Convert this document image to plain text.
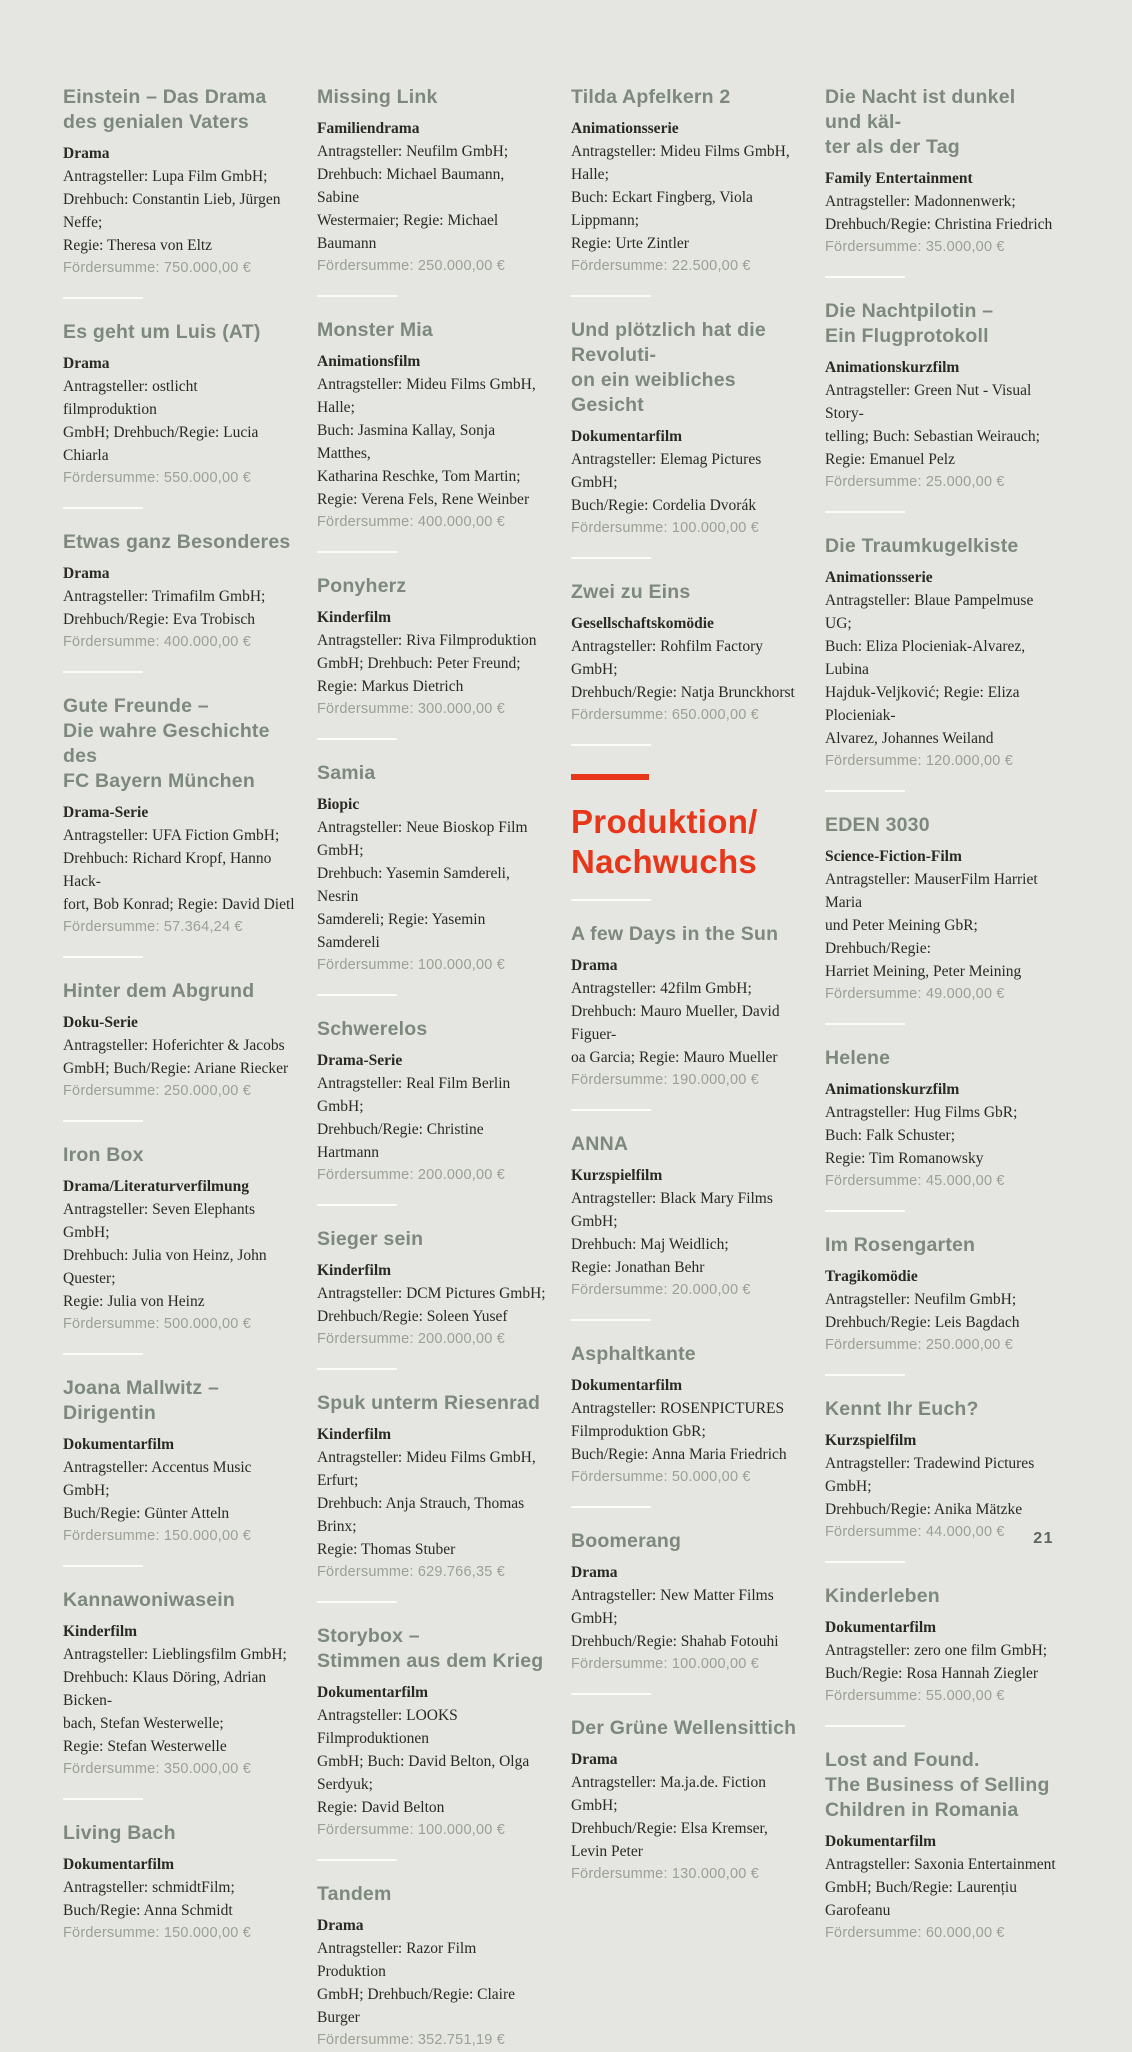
Einstein – Das Drama
des genialen Vaters
Drama
Antragsteller: Lupa Film GmbH;
Drehbuch: Constantin Lieb, Jürgen Neffe;
Regie: Theresa von Eltz
Fördersumme: 750.000,00 €
Es geht um Luis (AT)
Drama
Antragsteller: ostlicht filmproduktion
GmbH; Drehbuch/Regie: Lucia Chiarla
Fördersumme: 550.000,00 €
Etwas ganz Besonderes
Drama
Antragsteller: Trimafilm GmbH;
Drehbuch/Regie: Eva Trobisch
Fördersumme: 400.000,00 €
Gute Freunde –
Die wahre Geschichte des
FC Bayern München
Drama-Serie
Antragsteller: UFA Fiction GmbH;
Drehbuch: Richard Kropf, Hanno Hack-
fort, Bob Konrad; Regie: David Dietl
Fördersumme: 57.364,24 €
Hinter dem Abgrund
Doku-Serie
Antragsteller: Hoferichter & Jacobs
GmbH; Buch/Regie: Ariane Riecker
Fördersumme: 250.000,00 €
Iron Box
Drama/Literaturverfilmung
Antragsteller: Seven Elephants GmbH;
Drehbuch: Julia von Heinz, John Quester;
Regie: Julia von Heinz
Fördersumme: 500.000,00 €
Joana Mallwitz – Dirigentin
Dokumentarfilm
Antragsteller: Accentus Music GmbH;
Buch/Regie: Günter Atteln
Fördersumme: 150.000,00 €
Kannawoniwasein
Kinderfilm
Antragsteller: Lieblingsfilm GmbH;
Drehbuch: Klaus Döring, Adrian Bicken-
bach, Stefan Westerwelle;
Regie: Stefan Westerwelle
Fördersumme: 350.000,00 €
Living Bach
Dokumentarfilm
Antragsteller: schmidtFilm;
Buch/Regie: Anna Schmidt
Fördersumme: 150.000,00 €
Missing Link
Familiendrama
Antragsteller: Neufilm GmbH;
Drehbuch: Michael Baumann, Sabine
Westermaier; Regie: Michael Baumann
Fördersumme: 250.000,00 €
Monster Mia
Animationsfilm
Antragsteller: Mideu Films GmbH, Halle;
Buch: Jasmina Kallay, Sonja Matthes,
Katharina Reschke, Tom Martin;
Regie: Verena Fels, Rene Weinber
Fördersumme: 400.000,00 €
Ponyherz
Kinderfilm
Antragsteller: Riva Filmproduktion
GmbH; Drehbuch: Peter Freund;
Regie: Markus Dietrich
Fördersumme: 300.000,00 €
Samia
Biopic
Antragsteller: Neue Bioskop Film GmbH;
Drehbuch: Yasemin Samdereli, Nesrin
Samdereli; Regie: Yasemin Samdereli
Fördersumme: 100.000,00 €
Schwerelos
Drama-Serie
Antragsteller: Real Film Berlin GmbH;
Drehbuch/Regie: Christine Hartmann
Fördersumme: 200.000,00 €
Sieger sein
Kinderfilm
Antragsteller: DCM Pictures GmbH;
Drehbuch/Regie: Soleen Yusef
Fördersumme: 200.000,00 €
Spuk unterm Riesenrad
Kinderfilm
Antragsteller: Mideu Films GmbH, Erfurt;
Drehbuch: Anja Strauch, Thomas Brinx;
Regie: Thomas Stuber
Fördersumme: 629.766,35 €
Storybox –
Stimmen aus dem Krieg
Dokumentarfilm
Antragsteller: LOOKS Filmproduktionen
GmbH; Buch: David Belton, Olga Serdyuk;
Regie: David Belton
Fördersumme: 100.000,00 €
Tandem
Drama
Antragsteller: Razor Film Produktion
GmbH; Drehbuch/Regie: Claire Burger
Fördersumme: 352.751,19 €
Tilda Apfelkern 2
Animationsserie
Antragsteller: Mideu Films GmbH, Halle;
Buch: Eckart Fingberg, Viola Lippmann;
Regie: Urte Zintler
Fördersumme: 22.500,00 €
Und plötzlich hat die Revoluti-
on ein weibliches Gesicht
Dokumentarfilm
Antragsteller: Elemag Pictures GmbH;
Buch/Regie: Cordelia Dvorák
Fördersumme: 100.000,00 €
Zwei zu Eins
Gesellschaftskomödie
Antragsteller: Rohfilm Factory GmbH;
Drehbuch/Regie: Natja Brunckhorst
Fördersumme: 650.000,00 €
Produktion/
Nachwuchs
A few Days in the Sun
Drama
Antragsteller: 42film GmbH;
Drehbuch: Mauro Mueller, David Figuer-
oa Garcia; Regie: Mauro Mueller
Fördersumme: 190.000,00 €
ANNA
Kurzspielfilm
Antragsteller: Black Mary Films GmbH;
Drehbuch: Maj Weidlich;
Regie: Jonathan Behr
Fördersumme: 20.000,00 €
Asphaltkante
Dokumentarfilm
Antragsteller: ROSENPICTURES
Filmproduktion GbR;
Buch/Regie: Anna Maria Friedrich
Fördersumme: 50.000,00 €
Boomerang
Drama
Antragsteller: New Matter Films GmbH;
Drehbuch/Regie: Shahab Fotouhi
Fördersumme: 100.000,00 €
Der Grüne Wellensittich
Drama
Antragsteller: Ma.ja.de. Fiction GmbH;
Drehbuch/Regie: Elsa Kremser, Levin Peter
Fördersumme: 130.000,00 €
Die Nacht ist dunkel und käl-
ter als der Tag
Family Entertainment
Antragsteller: Madonnenwerk;
Drehbuch/Regie: Christina Friedrich
Fördersumme: 35.000,00 €
Die Nachtpilotin –
Ein Flugprotokoll
Animationskurzfilm
Antragsteller: Green Nut - Visual Story-
telling; Buch: Sebastian Weirauch;
Regie: Emanuel Pelz
Fördersumme: 25.000,00 €
Die Traumkugelkiste
Animationsserie
Antragsteller: Blaue Pampelmuse UG;
Buch: Eliza Plocieniak-Alvarez, Lubina
Hajduk-Veljković; Regie: Eliza Plocieniak-
Alvarez, Johannes Weiland
Fördersumme: 120.000,00 €
EDEN 3030
Science-Fiction-Film
Antragsteller: MauserFilm Harriet Maria
und Peter Meining GbR; Drehbuch/Regie:
Harriet Meining, Peter Meining
Fördersumme: 49.000,00 €
Helene
Animationskurzfilm
Antragsteller: Hug Films GbR;
Buch: Falk Schuster;
Regie: Tim Romanowsky
Fördersumme: 45.000,00 €
Im Rosengarten
Tragikomödie
Antragsteller: Neufilm GmbH;
Drehbuch/Regie: Leis Bagdach
Fördersumme: 250.000,00 €
Kennt Ihr Euch?
Kurzspielfilm
Antragsteller: Tradewind Pictures GmbH;
Drehbuch/Regie: Anika Mätzke
Fördersumme: 44.000,00 €
Kinderleben
Dokumentarfilm
Antragsteller: zero one film GmbH;
Buch/Regie: Rosa Hannah Ziegler
Fördersumme: 55.000,00 €
Lost and Found.
The Business of Selling
Children in Romania
Dokumentarfilm
Antragsteller: Saxonia Entertainment
GmbH; Buch/Regie: Laurențiu Garofeanu
Fördersumme: 60.000,00 €
21
